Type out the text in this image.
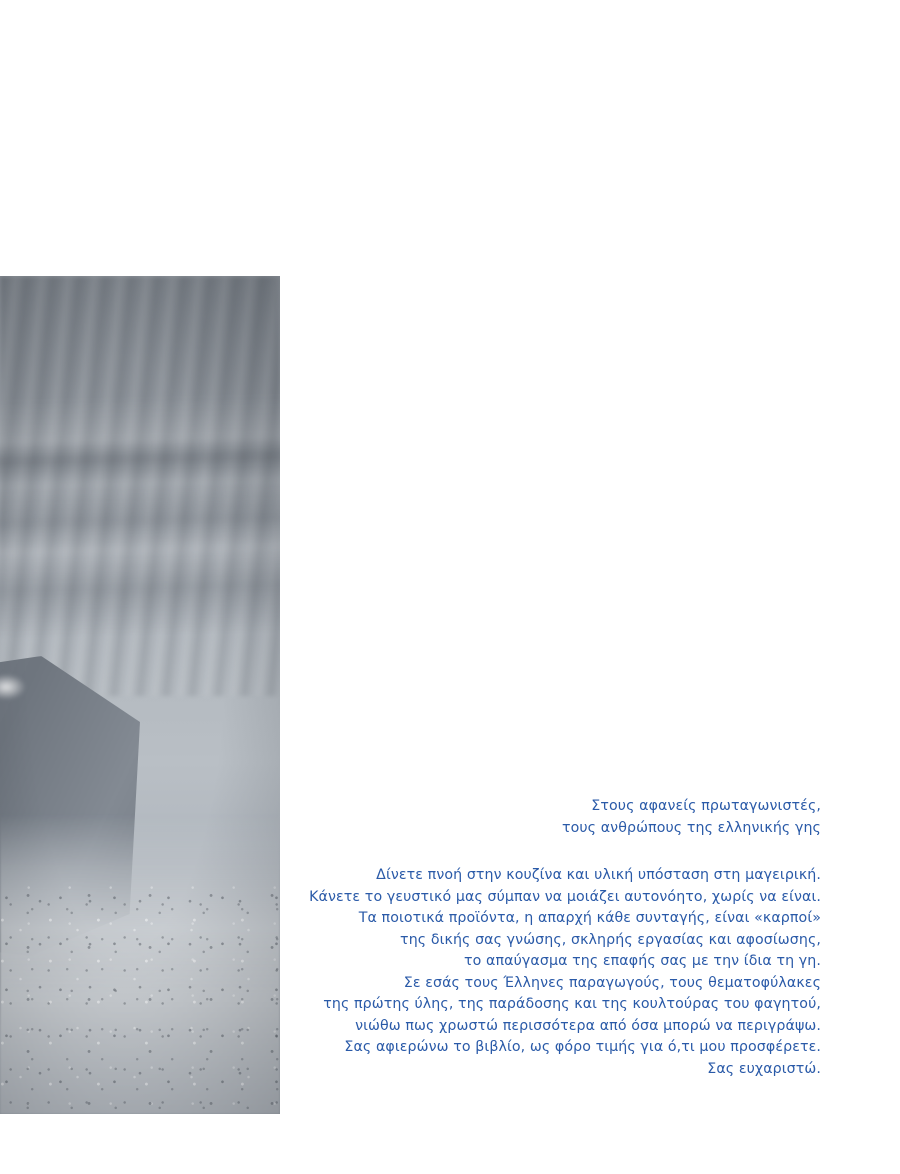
Στους αφανείς πρωταγωνιστές,
τους ανθρώπους της ελληνικής γης
Δίνετε πνοή στην κουζίνα και υλική υπόσταση στη μαγειρική.
Κάνετε το γευστικό μας σύμπαν να μοιάζει αυτονόητο, χωρίς να είναι.
Τα ποιοτικά προϊόντα, η απαρχή κάθε συνταγής, είναι «καρποί»
της δικής σας γνώσης, σκληρής εργασίας και αφοσίωσης,
το απαύγασμα της επαφής σας με την ίδια τη γη.
Σε εσάς τους Έλληνες παραγωγούς, τους θεματοφύλακες
της πρώτης ύλης, της παράδοσης και της κουλτούρας του φαγητού,
νιώθω πως χρωστώ περισσότερα από όσα μπορώ να περιγράψω.
Σας αφιερώνω το βιβλίο, ως φόρο τιμής για ό,τι μου προσφέρετε.
Σας ευχαριστώ.
